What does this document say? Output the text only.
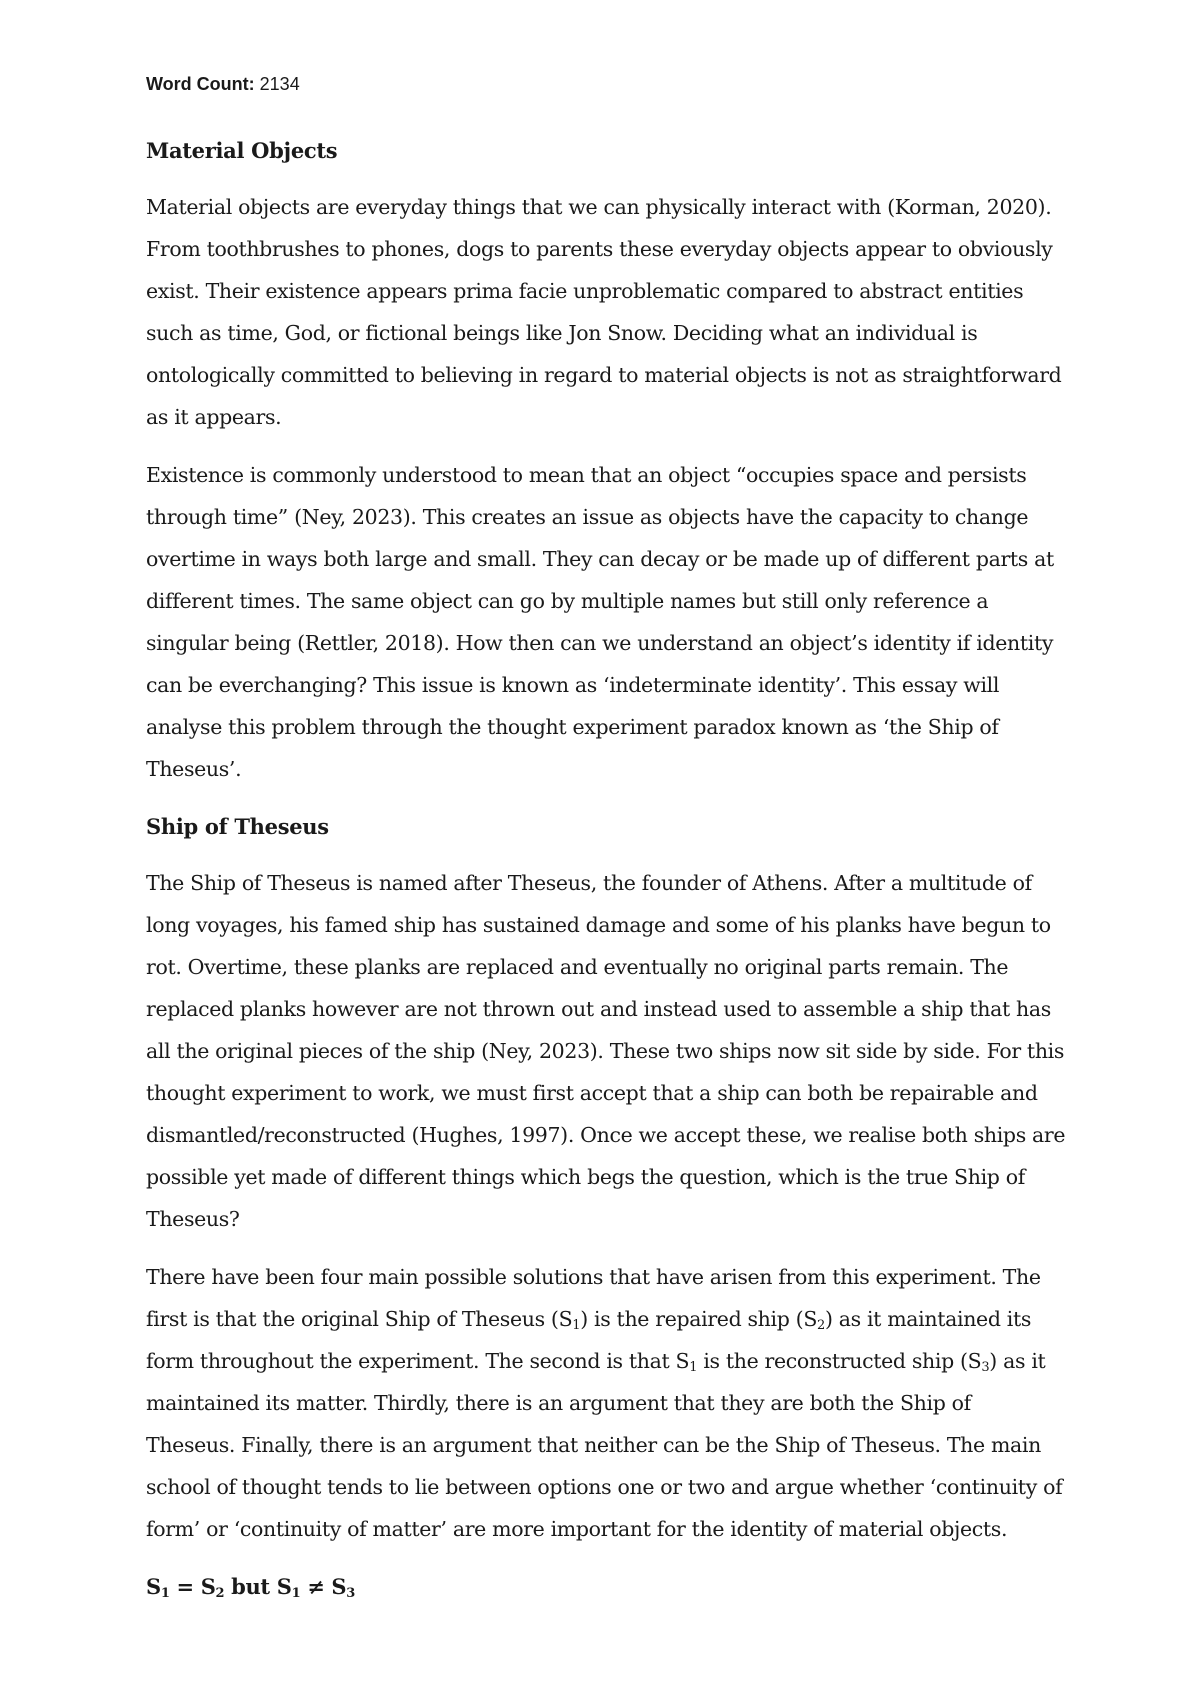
Word Count: 2134
Material Objects

Material objects are everyday things that we can physically interact with (Korman, 2020). From toothbrushes to phones, dogs to parents these everyday objects appear to obviously exist. Their existence appears prima facie unproblematic compared to abstract entities such as time, God, or fictional beings like Jon Snow. Deciding what an individual is ontologically committed to believing in regard to material objects is not as straightforward as it appears.

Existence is commonly understood to mean that an object “occupies space and persists through time” (Ney, 2023). This creates an issue as objects have the capacity to change overtime in ways both large and small. They can decay or be made up of different parts at different times. The same object can go by multiple names but still only reference a singular being (Rettler, 2018). How then can we understand an object’s identity if identity can be everchanging? This issue is known as ‘indeterminate identity’. This essay will analyse this problem through the thought experiment paradox known as ‘the Ship of Theseus’.

Ship of Theseus

The Ship of Theseus is named after Theseus, the founder of Athens. After a multitude of long voyages, his famed ship has sustained damage and some of his planks have begun to rot. Overtime, these planks are replaced and eventually no original parts remain. The replaced planks however are not thrown out and instead used to assemble a ship that has all the original pieces of the ship (Ney, 2023). These two ships now sit side by side. For this thought experiment to work, we must first accept that a ship can both be repairable and dismantled/reconstructed (Hughes, 1997). Once we accept these, we realise both ships are possible yet made of different things which begs the question, which is the true Ship of Theseus?

There have been four main possible solutions that have arisen from this experiment. The first is that the original Ship of Theseus $(S_1)$ is the repaired ship $(S_2)$ as it maintained its form throughout the experiment. The second is that $S_1$ is the reconstructed ship $(S_3)$ as it maintained its matter. Thirdly, there is an argument that they are both the Ship of Theseus. Finally, there is an argument that neither can be the Ship of Theseus. The main school of thought tends to lie between options one or two and argue whether ‘continuity of form’ or ‘continuity of matter’ are more important for the identity of material objects.

$S_1 = S_2$ but $S_1 \ne S_3$
